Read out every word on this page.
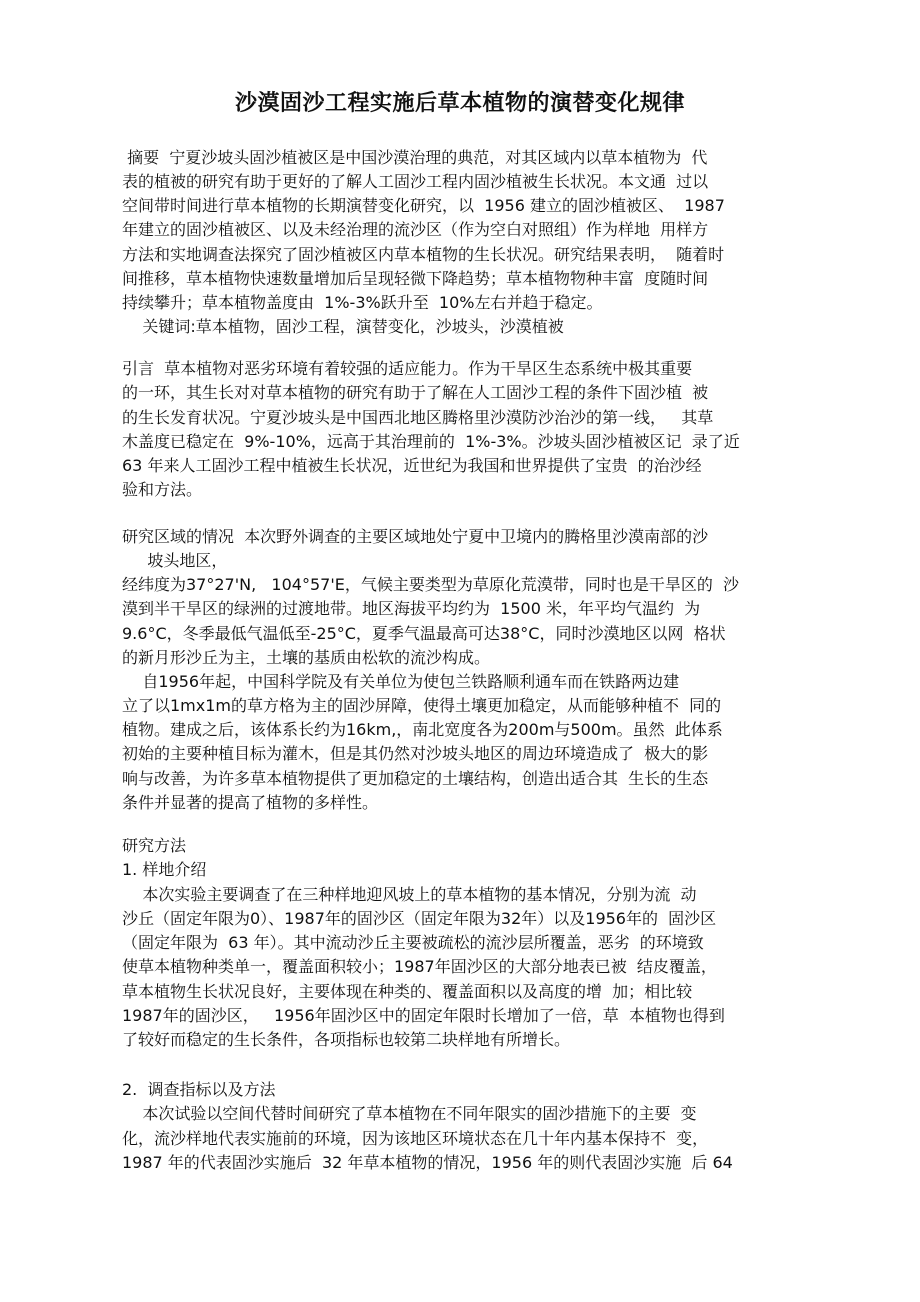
沙漠固沙工程实施后草本植物的演替变化规律
摘要  宁夏沙坡头固沙植被区是中国沙漠治理的典范，对其区域内以草本植物为  代
表的植被的研究有助于更好的了解人工固沙工程内固沙植被生长状况。本文通  过以
空间带时间进行草本植物的长期演替变化研究，以  1956 建立的固沙植被区、  1987
年建立的固沙植被区、以及未经治理的流沙区（作为空白对照组）作为样地  用样方
方法和实地调查法探究了固沙植被区内草本植物的生长状况。研究结果表明，  随着时
间推移，草本植物快速数量增加后呈现轻微下降趋势；草本植物物种丰富  度随时间
持续攀升；草本植物盖度由  1%-3%跃升至  10%左右并趋于稳定。
关键词:草本植物，固沙工程，演替变化，沙坡头，沙漠植被
引言  草本植物对恶劣环境有着较强的适应能力。作为干旱区生态系统中极其重要
的一环，其生长对对草本植物的研究有助于了解在人工固沙工程的条件下固沙植  被
的生长发育状况。宁夏沙坡头是中国西北地区腾格里沙漠防沙治沙的第一线，   其草
木盖度已稳定在  9%-10%，远高于其治理前的  1%-3%。沙坡头固沙植被区记  录了近
63 年来人工固沙工程中植被生长状况，近世纪为我国和世界提供了宝贵  的治沙经
验和方法。
研究区域的情况  本次野外调查的主要区域地处宁夏中卫境内的腾格里沙漠南部的沙
坡头地区，
经纬度为37°27'N,   104°57'E，气候主要类型为草原化荒漠带，同时也是干旱区的  沙
漠到半干旱区的绿洲的过渡地带。地区海拔平均约为  1500 米，年平均气温约  为
9.6°C，冬季最低气温低至-25°C，夏季气温最高可达38°C，同时沙漠地区以网  格状
的新月形沙丘为主，土壤的基质由松软的流沙构成。
自1956年起，中国科学院及有关单位为使包兰铁路顺利通车而在铁路两边建
立了以1mx1m的草方格为主的固沙屏障，使得土壤更加稳定，从而能够种植不  同的
植物。建成之后，该体系长约为16km,，南北宽度各为200m与500m。虽然  此体系
初始的主要种植目标为灌木，但是其仍然对沙坡头地区的周边环境造成了  极大的影
响与改善，为许多草本植物提供了更加稳定的土壤结构，创造出适合其  生长的生态
条件并显著的提高了植物的多样性。
研究方法
1. 样地介绍
本次实验主要调查了在三种样地迎风坡上的草本植物的基本情况，分别为流  动
沙丘（固定年限为0）、1987年的固沙区（固定年限为32年）以及1956年的  固沙区
（固定年限为  63 年）。其中流动沙丘主要被疏松的流沙层所覆盖，恶劣  的环境致
使草本植物种类单一，覆盖面积较小；1987年固沙区的大部分地表已被  结皮覆盖，
草本植物生长状况良好，主要体现在种类的、覆盖面积以及高度的增  加；相比较
1987年的固沙区，   1956年固沙区中的固定年限时长增加了一倍，草  本植物也得到
了较好而稳定的生长条件，各项指标也较第二块样地有所增长。
2.  调查指标以及方法
本次试验以空间代替时间研究了草本植物在不同年限实的固沙措施下的主要  变
化，流沙样地代表实施前的环境，因为该地区环境状态在几十年内基本保持不  变，
1987 年的代表固沙实施后  32 年草本植物的情况，1956 年的则代表固沙实施  后 64
